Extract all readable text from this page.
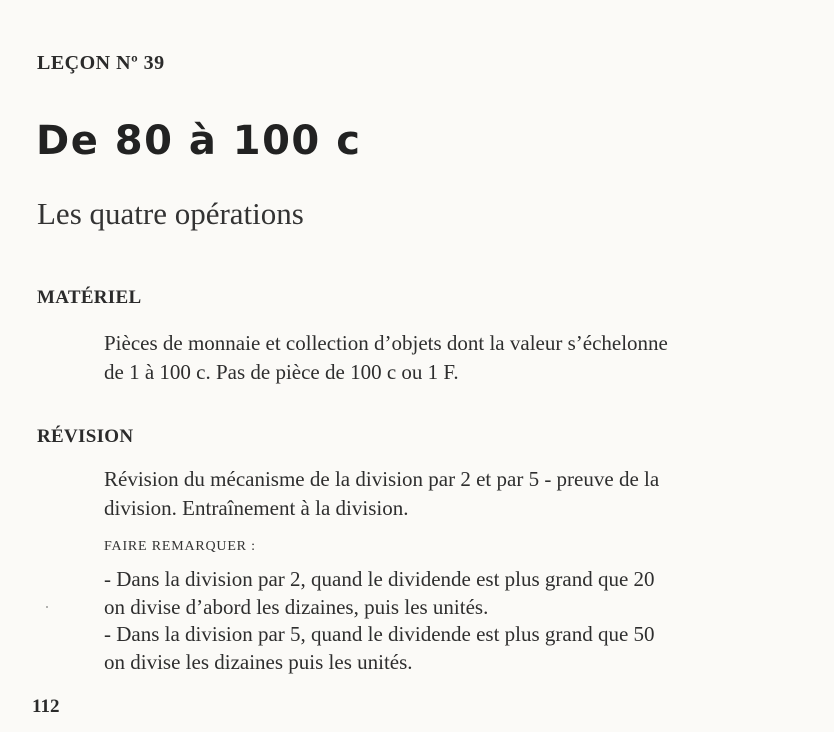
LEÇON Nº 39
De 80 à 100 c
Les quatre opérations
MATÉRIEL
Pièces de monnaie et collection d’objets dont la valeur s’échelonne
de 1 à 100 c. Pas de pièce de 100 c ou 1 F.
RÉVISION
Révision du mécanisme de la division par 2 et par 5 - preuve de la
division. Entraînement à la division.
FAIRE REMARQUER :
- Dans la division par 2, quand le dividende est plus grand que 20
on divise d’abord les dizaines, puis les unités.
- Dans la division par 5, quand le dividende est plus grand que 50
on divise les dizaines puis les unités.
112
